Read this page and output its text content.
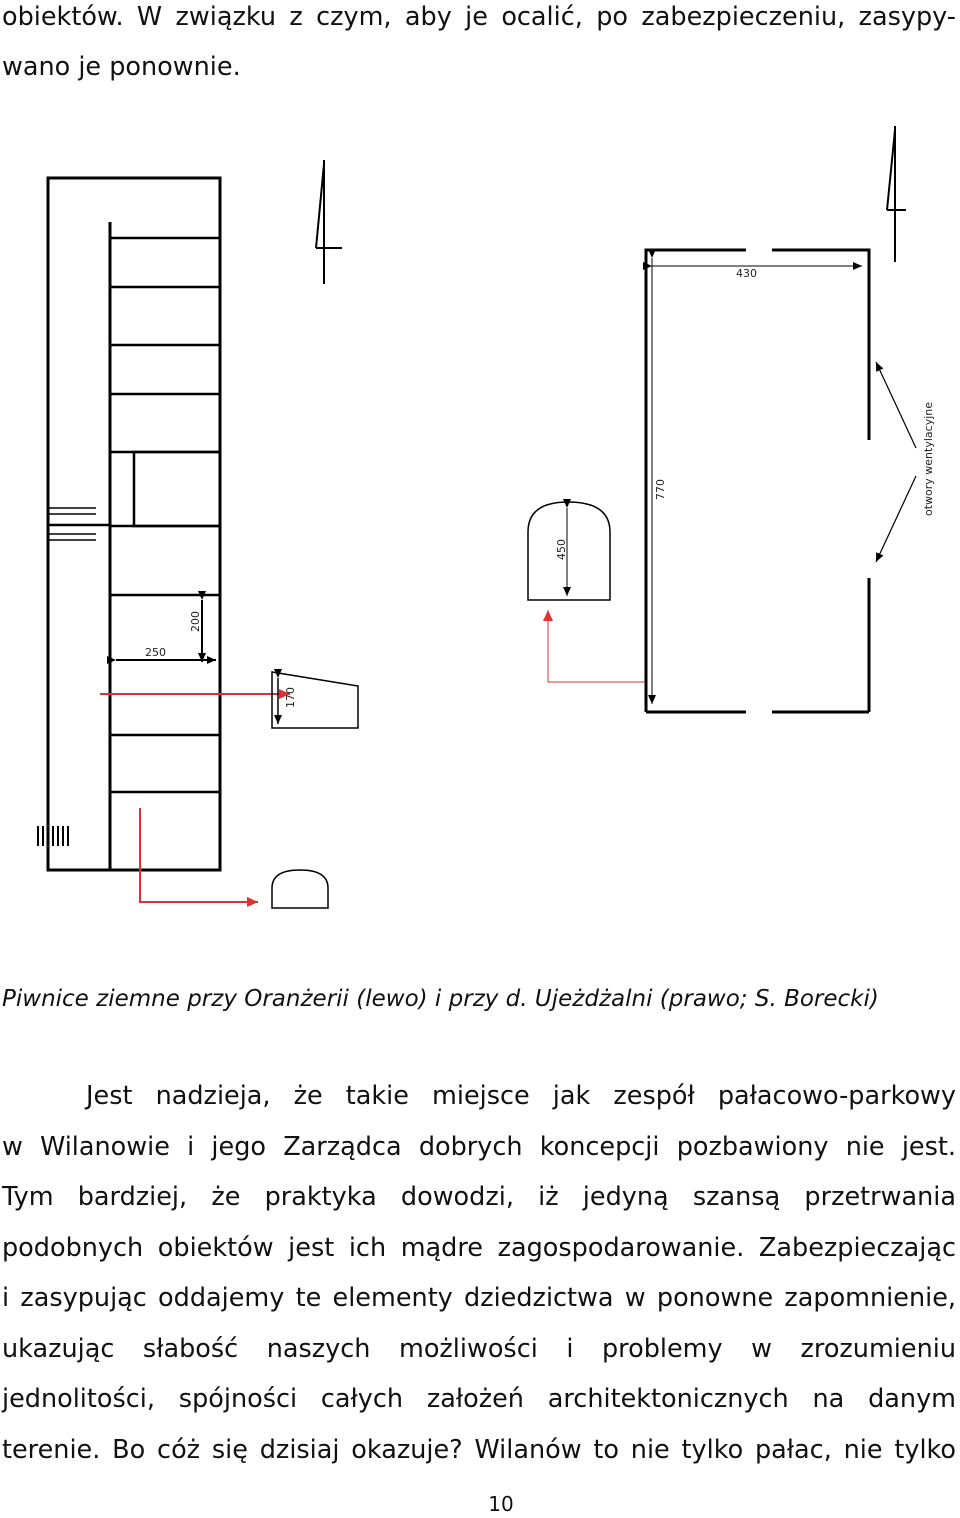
obiektów. W związku z czym, aby je ocalić, po zabezpieczeniu, zasypy-
wano je ponownie.
250
200
170
450
430
770	otwory wentylacyjne
Piwnice ziemne przy Oranżerii (lewo) i przy d. Ujeżdżalni (prawo; S. Borecki)
Jest nadzieja, że takie miejsce jak zespół pałacowo-parkowy
w Wilanowie i jego Zarządca dobrych koncepcji pozbawiony nie jest.
Tym bardziej, że praktyka dowodzi, iż jedyną szansą przetrwania
podobnych obiektów jest ich mądre zagospodarowanie. Zabezpieczając
i zasypując oddajemy te elementy dziedzictwa w ponowne zapomnienie,
ukazując słabość naszych możliwości i problemy w zrozumieniu
jednolitości, spójności całych założeń architektonicznych na danym
terenie. Bo cóż się dzisiaj okazuje? Wilanów to nie tylko pałac, nie tylko
10
